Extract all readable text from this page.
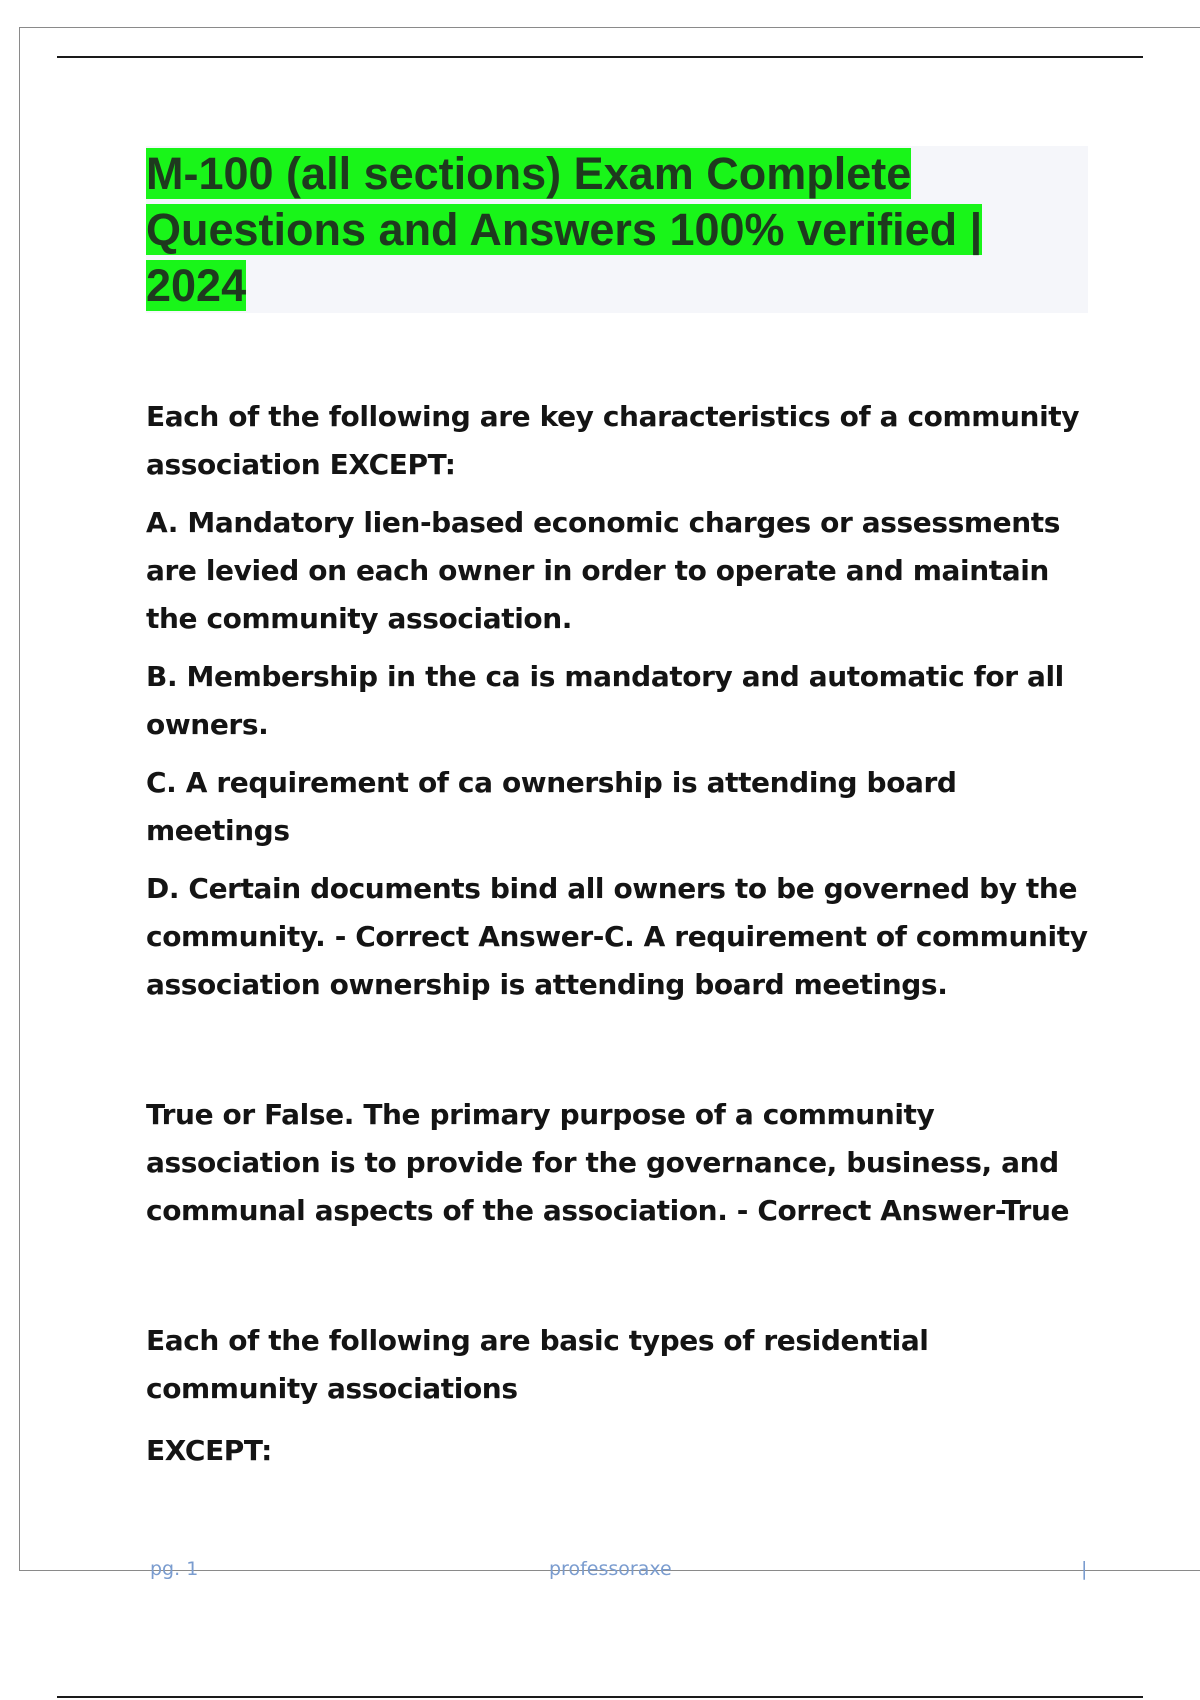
M-100 (all sections) Exam Complete Questions and Answers 100% verified | 2024

Each of the following are key characteristics of a community association EXCEPT:

A. Mandatory lien-based economic charges or assessments are levied on each owner in order to operate and maintain the community association.

B. Membership in the ca is mandatory and automatic for all owners.

C. A requirement of ca ownership is attending board meetings

D. Certain documents bind all owners to be governed by the community. - Correct Answer-C. A requirement of community association ownership is attending board meetings.

True or False. The primary purpose of a community association is to provide for the governance, business, and communal aspects of the association. - Correct Answer-True

Each of the following are basic types of residential community associations

EXCEPT:

pg. 1	professoraxe	|
